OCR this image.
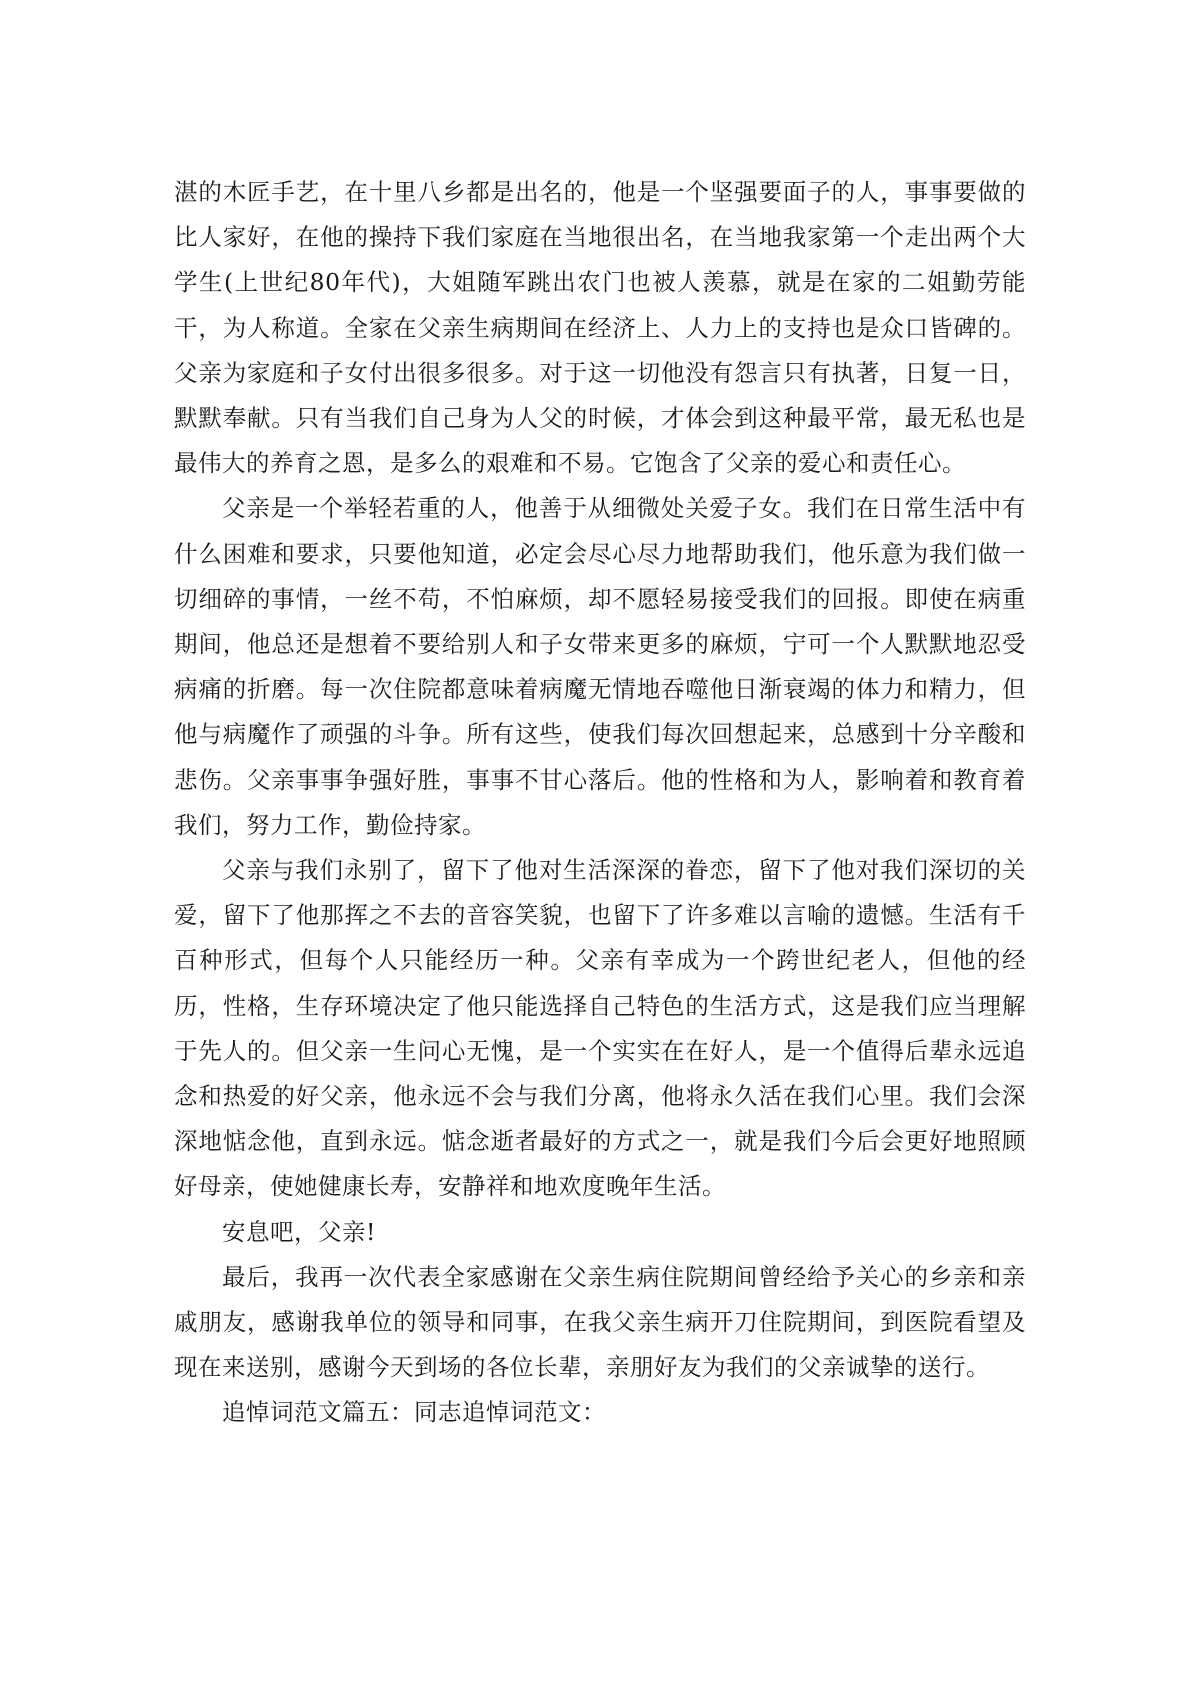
湛的木匠手艺，在十里八乡都是出名的，他是一个坚强要面子的人，事事要做的比人家好，在他的操持下我们家庭在当地很出名，在当地我家第一个走出两个大学生(上世纪80年代)，大姐随军跳出农门也被人羡慕，就是在家的二姐勤劳能干，为人称道。全家在父亲生病期间在经济上、人力上的支持也是众口皆碑的。父亲为家庭和子女付出很多很多。对于这一切他没有怨言只有执著，日复一日，默默奉献。只有当我们自己身为人父的时候，才体会到这种最平常，最无私也是最伟大的养育之恩，是多么的艰难和不易。它饱含了父亲的爱心和责任心。

父亲是一个举轻若重的人，他善于从细微处关爱子女。我们在日常生活中有什么困难和要求，只要他知道，必定会尽心尽力地帮助我们，他乐意为我们做一切细碎的事情，一丝不苟，不怕麻烦，却不愿轻易接受我们的回报。即使在病重期间，他总还是想着不要给别人和子女带来更多的麻烦，宁可一个人默默地忍受病痛的折磨。每一次住院都意味着病魔无情地吞噬他日渐衰竭的体力和精力，但他与病魔作了顽强的斗争。所有这些，使我们每次回想起来，总感到十分辛酸和悲伤。父亲事事争强好胜，事事不甘心落后。他的性格和为人，影响着和教育着我们，努力工作，勤俭持家。

父亲与我们永别了，留下了他对生活深深的眷恋，留下了他对我们深切的关爱，留下了他那挥之不去的音容笑貌，也留下了许多难以言喻的遗憾。生活有千百种形式，但每个人只能经历一种。父亲有幸成为一个跨世纪老人，但他的经历，性格，生存环境决定了他只能选择自己特色的生活方式，这是我们应当理解于先人的。但父亲一生问心无愧，是一个实实在在好人，是一个值得后辈永远追念和热爱的好父亲，他永远不会与我们分离，他将永久活在我们心里。我们会深深地惦念他，直到永远。惦念逝者最好的方式之一，就是我们今后会更好地照顾好母亲，使她健康长寿，安静祥和地欢度晚年生活。

安息吧，父亲!

最后，我再一次代表全家感谢在父亲生病住院期间曾经给予关心的乡亲和亲戚朋友，感谢我单位的领导和同事，在我父亲生病开刀住院期间，到医院看望及现在来送别，感谢今天到场的各位长辈，亲朋好友为我们的父亲诚挚的送行。

追悼词范文篇五：同志追悼词范文：
